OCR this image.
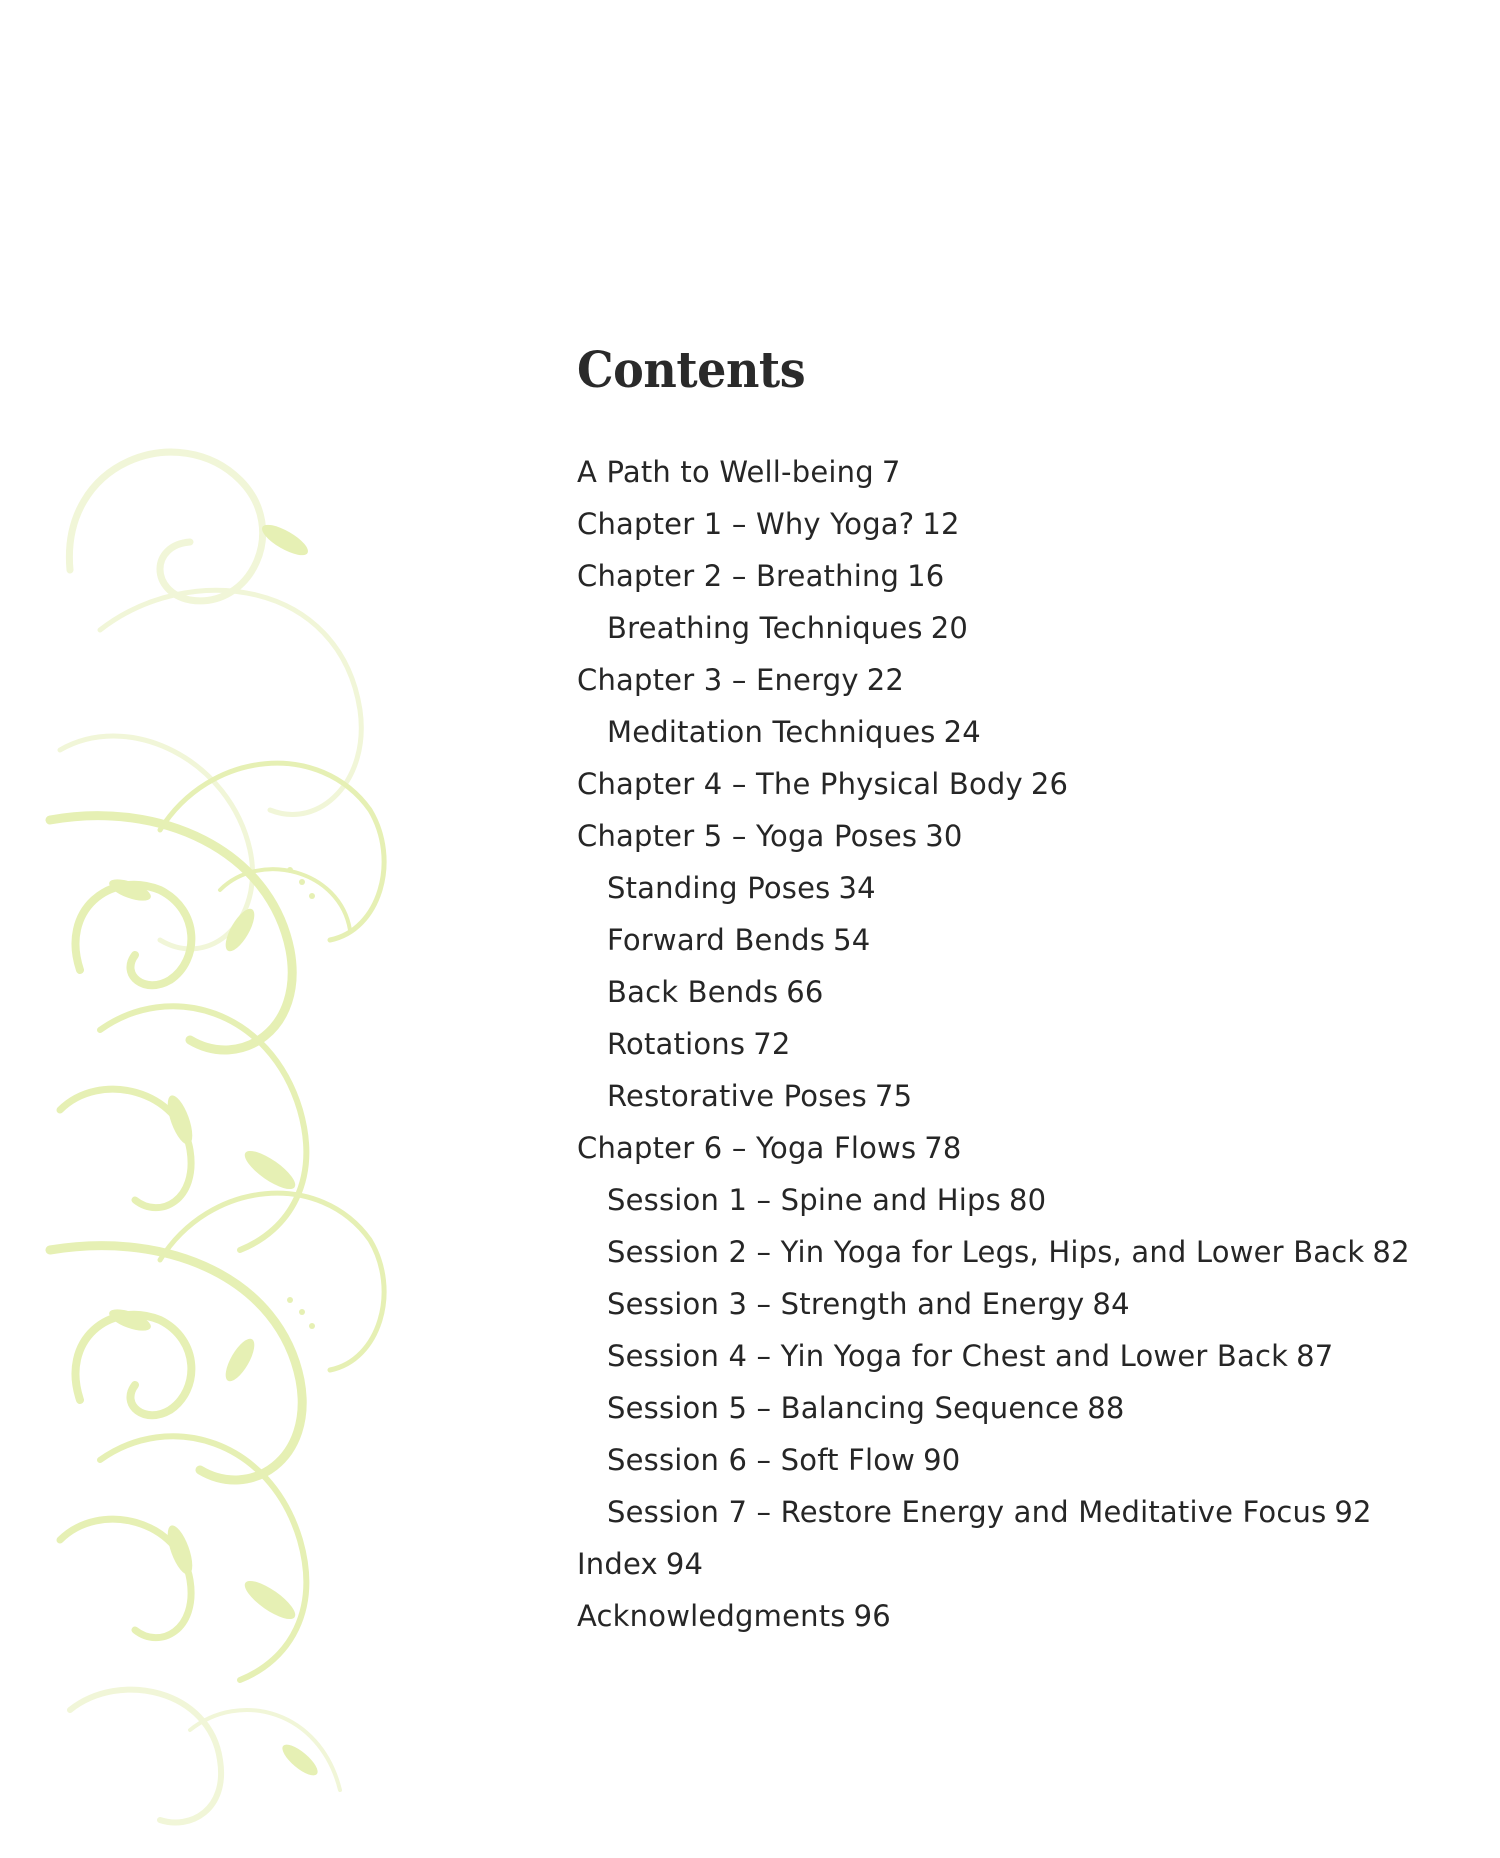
Contents
A Path to Well-being 7
Chapter 1 – Why Yoga? 12
Chapter 2 – Breathing 16
Breathing Techniques 20
Chapter 3 – Energy 22
Meditation Techniques 24
Chapter 4 – The Physical Body 26
Chapter 5 – Yoga Poses 30
Standing Poses 34
Forward Bends 54
Back Bends 66
Rotations 72
Restorative Poses 75
Chapter 6 – Yoga Flows 78
Session 1 – Spine and Hips 80
Session 2 – Yin Yoga for Legs, Hips, and Lower Back 82
Session 3 – Strength and Energy 84
Session 4 – Yin Yoga for Chest and Lower Back 87
Session 5 – Balancing Sequence 88
Session 6 – Soft Flow 90
Session 7 – Restore Energy and Meditative Focus 92
Index 94
Acknowledgments 96
